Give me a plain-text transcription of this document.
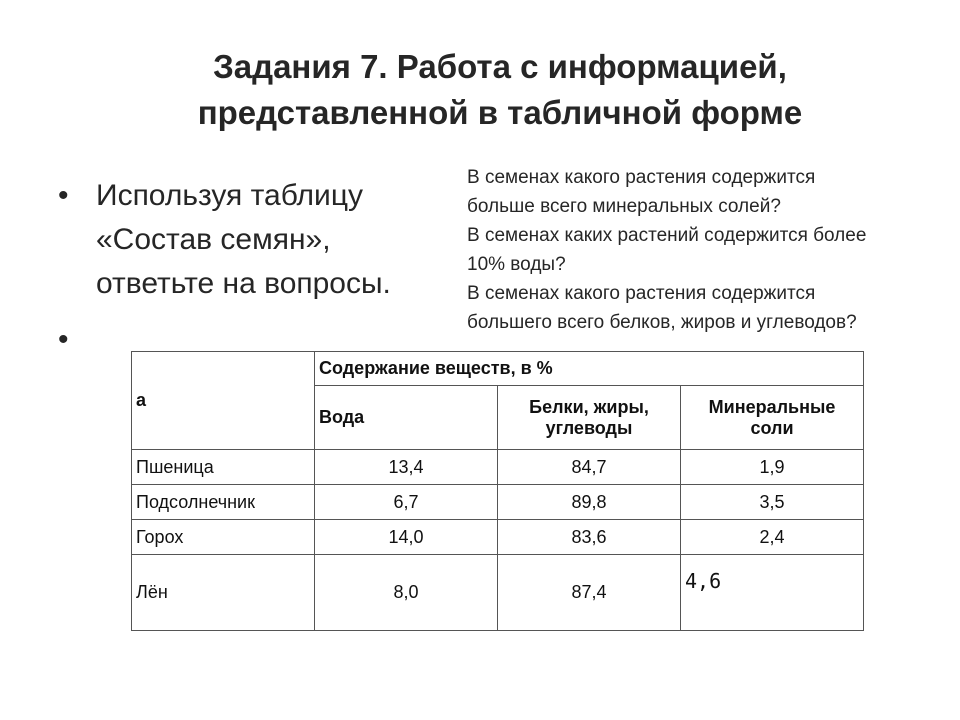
Задания 7. Работа с информацией,
представленной в табличной форме
• Используя таблицу
«Состав семян»,
ответьте на вопросы.
•
В семенах какого растения содержится
больше всего минеральных солей?
В семенах каких растений содержится более
10% воды?
В семенах какого растения содержится
большего всего белков, жиров и углеводов?
а	Содержание веществ, в %		
	Вода	Белки, жиры, углеводы	Минеральные соли
Пшеница	13,4	84,7	1,9
Подсолнечник	6,7	89,8	3,5
Горох	14,0	83,6	2,4
Лён	8,0	87,4	4,6
